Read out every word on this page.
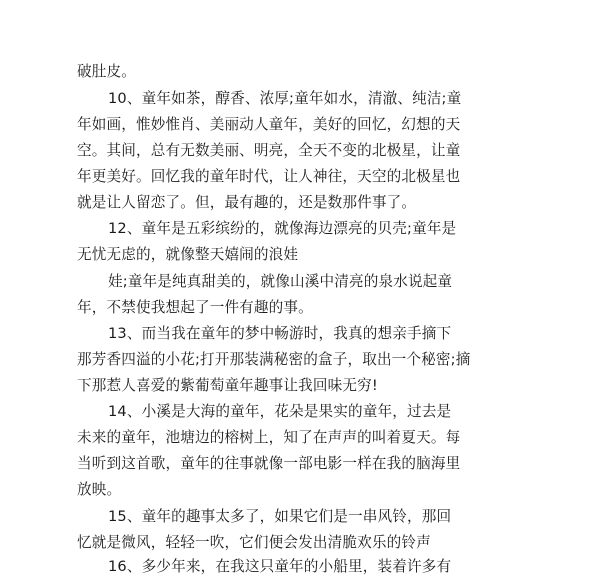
破肚皮。
10、童年如茶，醇香、浓厚;童年如水，清澈、纯洁;童
年如画，惟妙惟肖、美丽动人童年，美好的回忆，幻想的天
空。其间，总有无数美丽、明亮，全天不变的北极星，让童
年更美好。回忆我的童年时代，让人神往，天空的北极星也
就是让人留恋了。但，最有趣的，还是数那件事了。
12、童年是五彩缤纷的，就像海边漂亮的贝壳;童年是
无忧无虑的，就像整天嬉闹的浪娃
娃;童年是纯真甜美的，就像山溪中清亮的泉水说起童
年，不禁使我想起了一件有趣的事。
13、而当我在童年的梦中畅游时，我真的想亲手摘下
那芳香四溢的小花;打开那装满秘密的盒子，取出一个秘密;摘
下那惹人喜爱的紫葡萄童年趣事让我回味无穷!
14、小溪是大海的童年，花朵是果实的童年，过去是
未来的童年，池塘边的榕树上，知了在声声的叫着夏天。每
当听到这首歌，童年的往事就像一部电影一样在我的脑海里
放映。
15、童年的趣事太多了，如果它们是一串风铃，那回
忆就是微风，轻轻一吹，它们便会发出清脆欢乐的铃声
16、多少年来，在我这只童年的小船里，装着许多有
